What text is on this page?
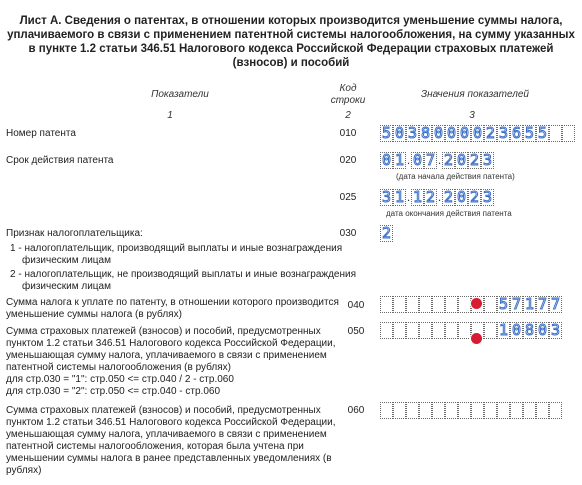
Лист А. Сведения о патентах, в отношении которых производится уменьшение суммы налога, уплачиваемого в связи с применением патентной системы налогообложения, на сумму указанных в пункте 1.2 статьи 346.51 Налогового кодекса Российской Федерации страховых платежей (взносов) и пособий
Показатели
Код
строки
Значения показателей
1	2	3
Номер патента	010 5 0 3 8 0 0 0 0 2 3 6 5 5
Срок действия патента	020 0 1 . 0 7 . 2 0 2 3
(дата начала действия патента)
025 3 1 . 1 2 . 2 0 2 3
дата окончания действия патента
Признак налогоплательщика:	030 2
1 - налогоплательщик, производящий выплаты и иные вознаграждения
физическим лицам
2 - налогоплательщик, не производящий выплаты и иные вознаграждения
физическим лицам
Сумма налога к уплате по патенту, в отношении которого производится
уменьшение суммы налога (в рублях)
040	5 7 1 7 7
Сумма страховых платежей (взносов) и пособий, предусмотренных
пунктом 1.2 статьи 346.51 Налогового кодекса Российской Федерации,
уменьшающая сумму налога, уплачиваемого в связи с применением
патентной системы налогообложения (в рублях)
для стр.030 = "1": стр.050 <= стр.040 / 2 - стр.060
для стр.030 = "2": стр.050 <= стр.040 - стр.060
050	1 0 8 0 3
Сумма страховых платежей (взносов) и пособий, предусмотренных
пунктом 1.2 статьи 346.51 Налогового кодекса Российской Федерации,
уменьшающая сумму налога, уплачиваемого в связи с применением
патентной системы налогообложения, которая была учтена при
уменьшении суммы налога в ранее представленных уведомлениях (в
рублях)
060
